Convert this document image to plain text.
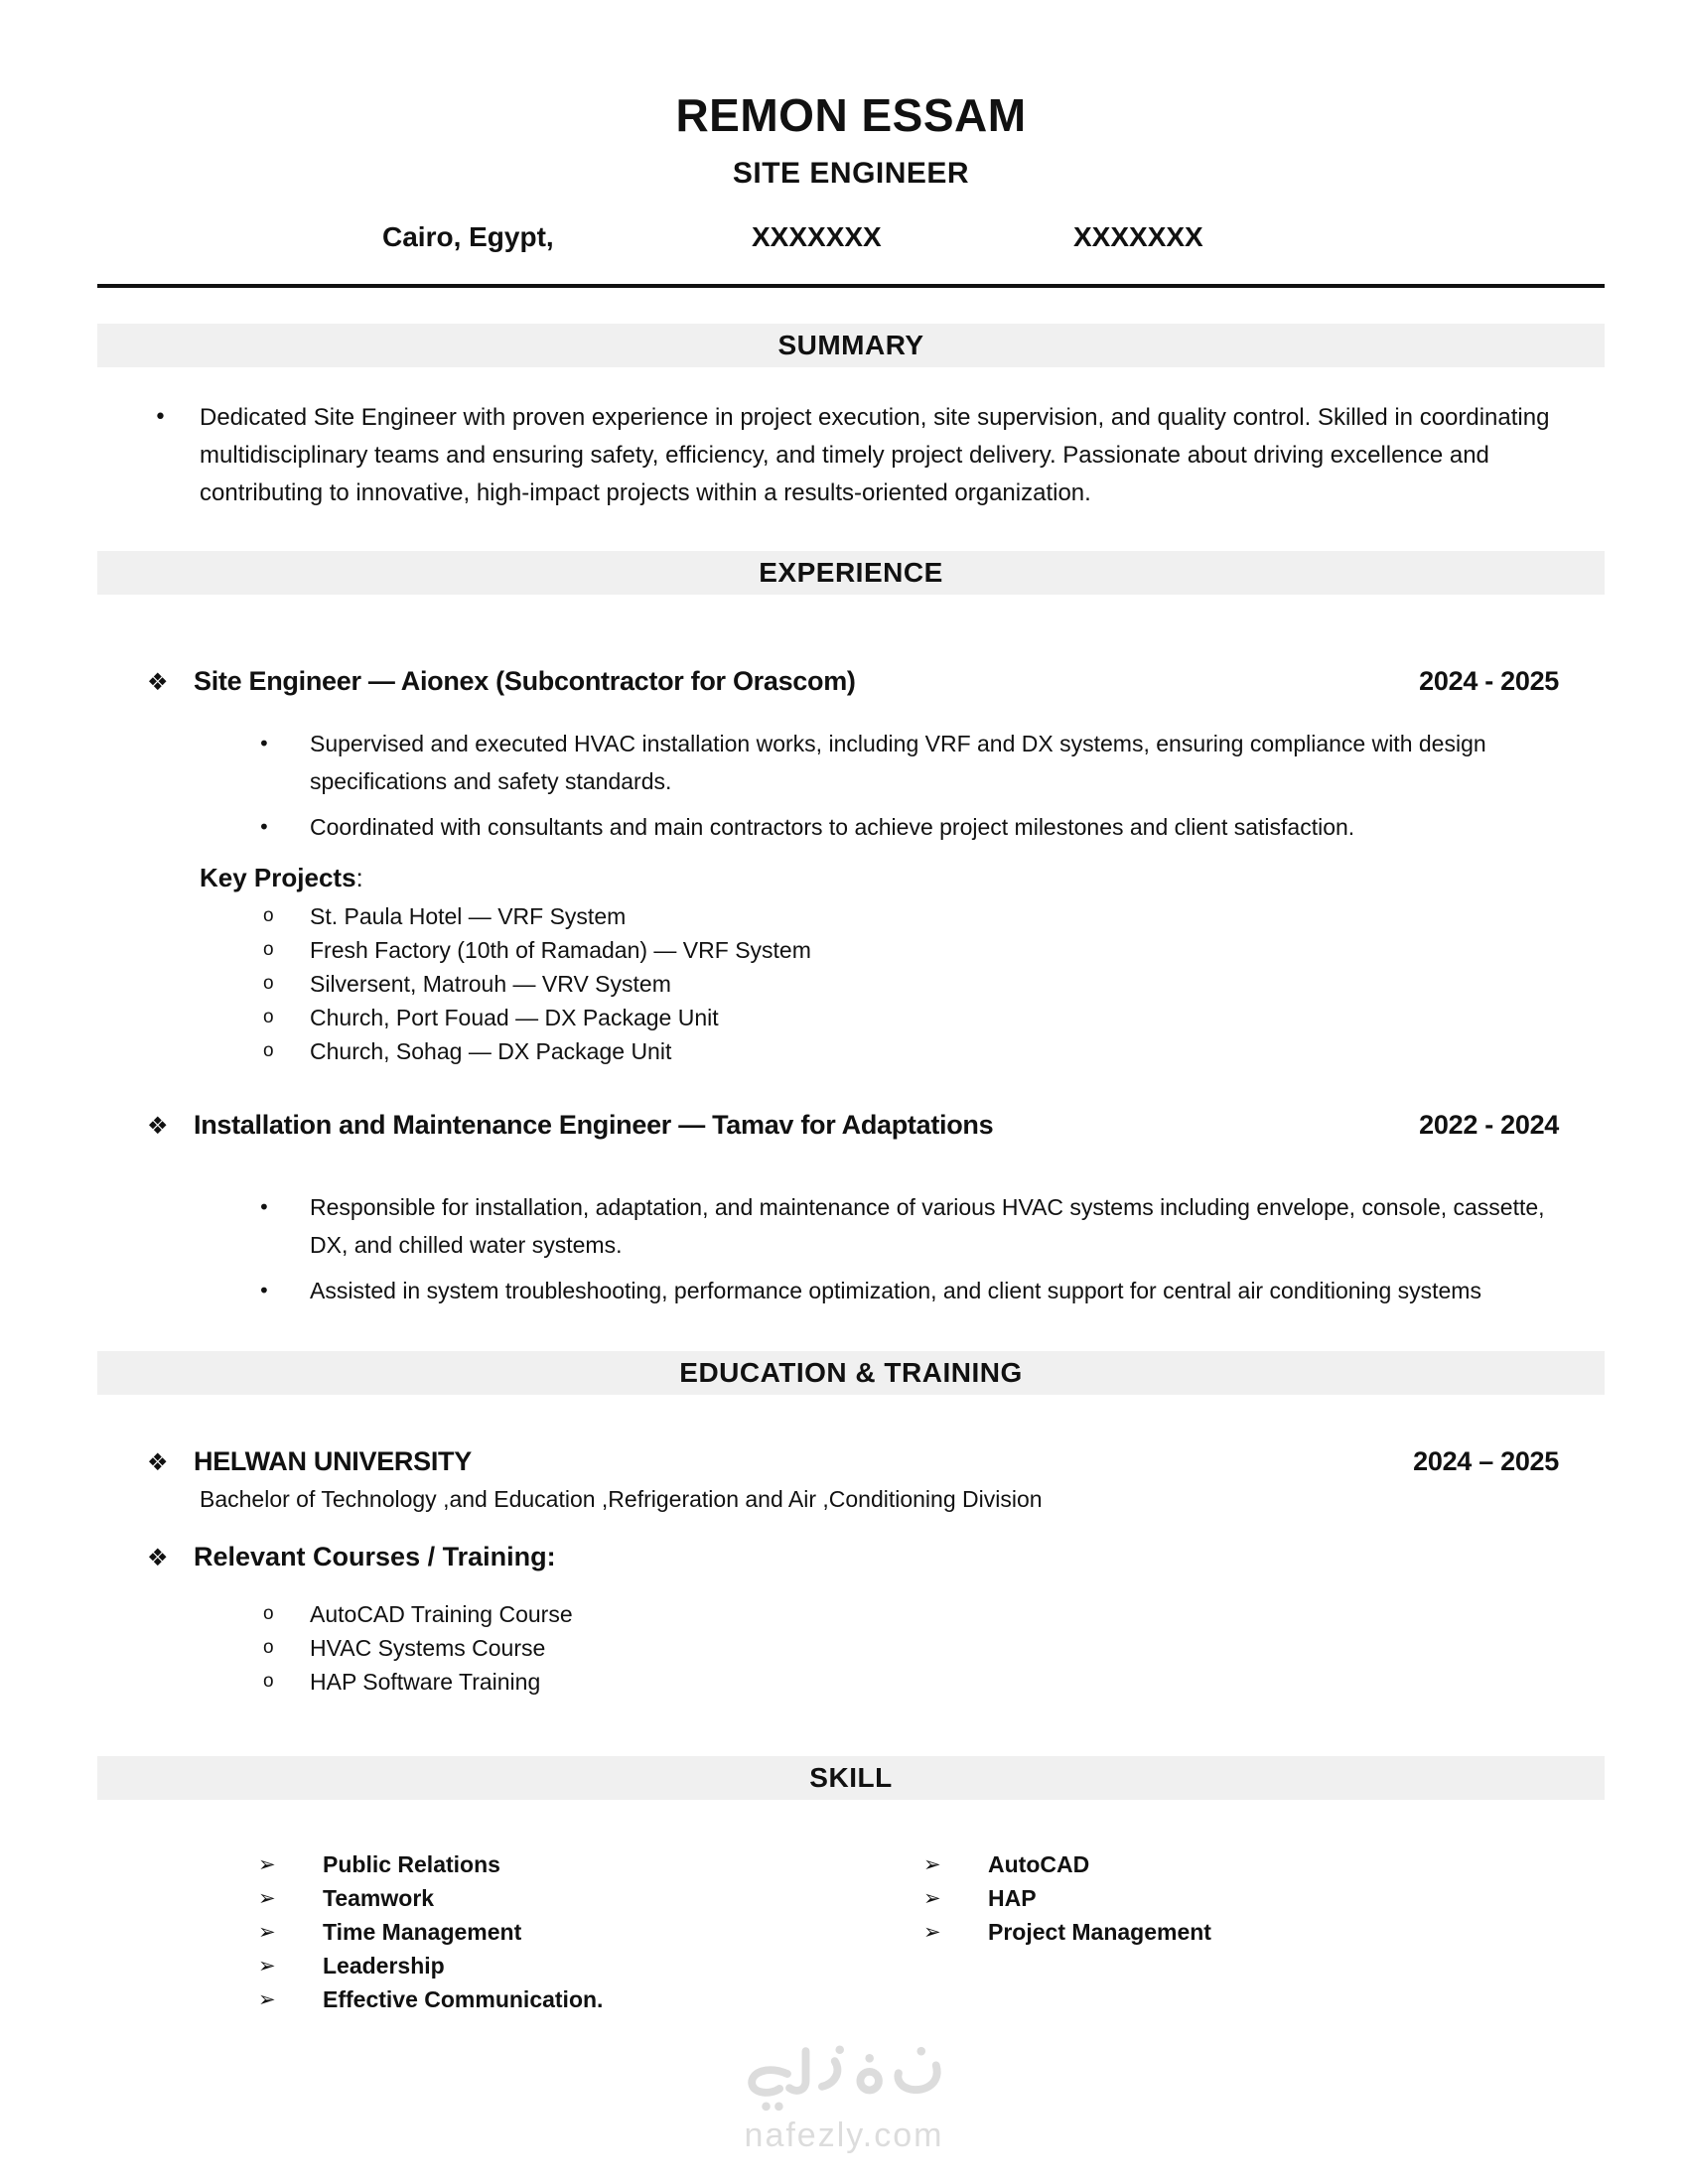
REMON ESSAM
SITE ENGINEER
Cairo, Egypt,	XXXXXXX	XXXXXXX
SUMMARY
•	Dedicated Site Engineer with proven experience in project execution, site supervision, and quality control. Skilled in coordinating multidisciplinary teams and ensuring safety, efficiency, and timely project delivery. Passionate about driving excellence and contributing to innovative, high-impact projects within a results-oriented organization.
EXPERIENCE
❖ Site Engineer — Aionex (Subcontractor for Orascom)	2024 - 2025
•	Supervised and executed HVAC installation works, including VRF and DX systems, ensuring compliance with design specifications and safety standards.
•	Coordinated with consultants and main contractors to achieve project milestones and client satisfaction.
Key Projects:
o	St. Paula Hotel — VRF System
o	Fresh Factory (10th of Ramadan) — VRF System
o	Silversent, Matrouh — VRV System
o	Church, Port Fouad — DX Package Unit
o	Church, Sohag — DX Package Unit
❖ Installation and Maintenance Engineer — Tamav for Adaptations	2022 - 2024
•	Responsible for installation, adaptation, and maintenance of various HVAC systems including envelope, console, cassette, DX, and chilled water systems.
•	Assisted in system troubleshooting, performance optimization, and client support for central air conditioning systems
EDUCATION & TRAINING
❖ HELWAN UNIVERSITY	2024 – 2025
Bachelor of Technology ,and Education ,Refrigeration and Air ,Conditioning Division
❖ Relevant Courses / Training:
o	AutoCAD Training Course
o	HVAC Systems Course
o	HAP Software Training
SKILL
➢	Public Relations
➢	Teamwork
➢	Time Management
➢	Leadership
➢	Effective Communication.
➢	AutoCAD
➢	HAP
➢	Project Management
nafezly.com
